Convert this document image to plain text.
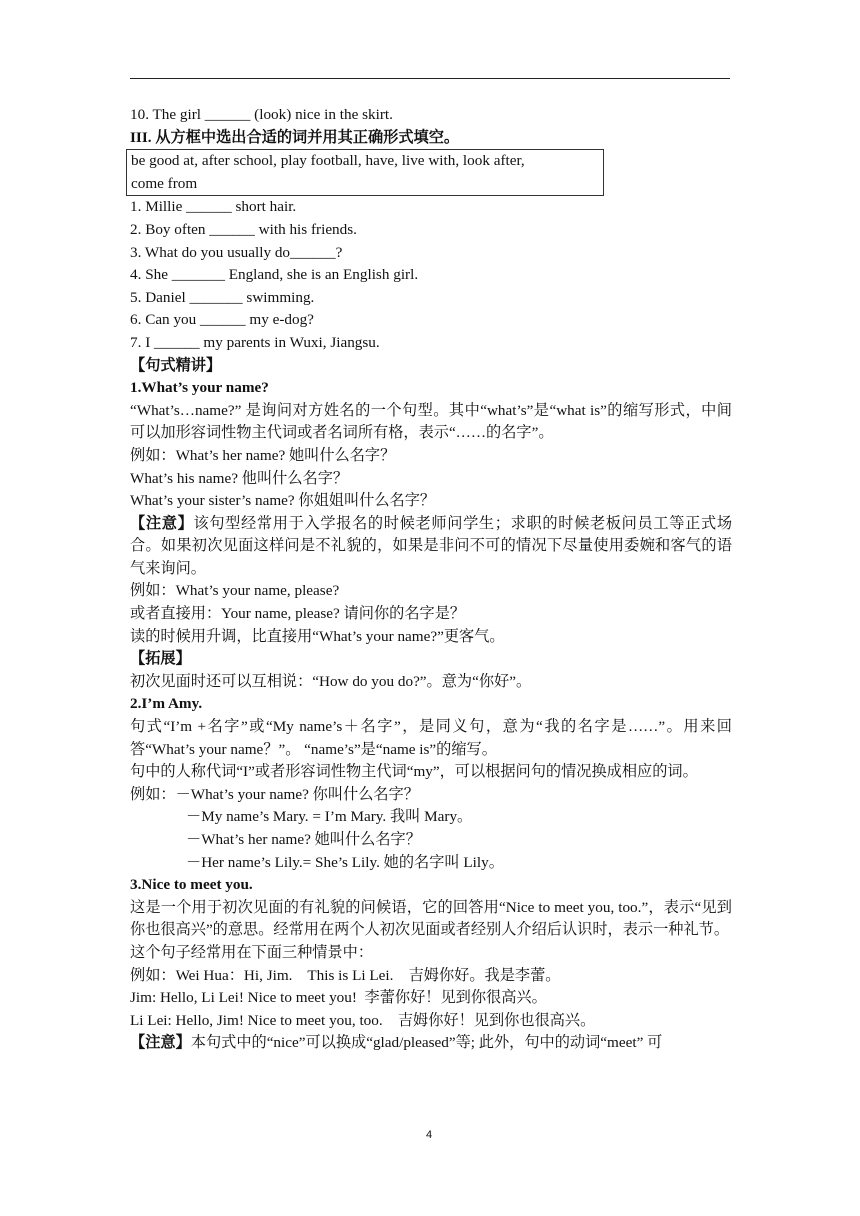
10. The girl ______ (look) nice in the skirt.
III. 从方框中选出合适的词并用其正确形式填空。
be good at, after school, play football, have, live with, look after,
come from
1. Millie ______ short hair.
2. Boy often ______ with his friends.
3. What do you usually do______?
4. She _______ England, she is an English girl.
5. Daniel _______ swimming.
6. Can you ______ my e-dog?
7. I ______ my parents in Wuxi, Jiangsu.
【句式精讲】
1.What’s your name?
“What’s…name?” 是询问对方姓名的一个句型。其中“what’s”是“what is”的缩写形式，中间可以加形容词性物主代词或者名词所有格，表示“……的名字”。
例如：What’s her name? 她叫什么名字？
What’s his name? 他叫什么名字？
What’s your sister’s name? 你姐姐叫什么名字？
【注意】该句型经常用于入学报名的时候老师问学生；求职的时候老板问员工等正式场合。如果初次见面这样问是不礼貌的，如果是非问不可的情况下尽量使用委婉和客气的语气来询问。
例如：What’s your name, please?
或者直接用：Your name, please? 请问你的名字是？
读的时候用升调，比直接用“What’s your name?”更客气。
【拓展】
初次见面时还可以互相说：“How do you do?”。意为“你好”。
2.I’m Amy.
句式“I’m +名字”或“My name’s＋名字”，是同义句，意为“我的名字是……”。用来回答“What’s your name？”。 “name’s”是“name is”的缩写。
句中的人称代词“I”或者形容词性物主代词“my”，可以根据问句的情况换成相应的词。
例如：－What’s your name? 你叫什么名字？
－My name’s Mary. = I’m Mary. 我叫 Mary。
－What’s her name? 她叫什么名字？
－Her name’s Lily.= She’s Lily. 她的名字叫 Lily。
3.Nice to meet you.
这是一个用于初次见面的有礼貌的问候语，它的回答用“Nice to meet you, too.”，表示“见到你也很高兴”的意思。经常用在两个人初次见面或者经别人介绍后认识时，表示一种礼节。
这个句子经常用在下面三种情景中：
例如：Wei Hua：Hi, Jim.    This is Li Lei.    吉姆你好。我是李蕾。
Jim: Hello, Li Lei! Nice to meet you!  李蕾你好！见到你很高兴。
Li Lei: Hello, Jim! Nice to meet you, too.    吉姆你好！见到你也很高兴。
【注意】本句式中的“nice”可以换成“glad/pleased”等; 此外，句中的动词“meet” 可
4
